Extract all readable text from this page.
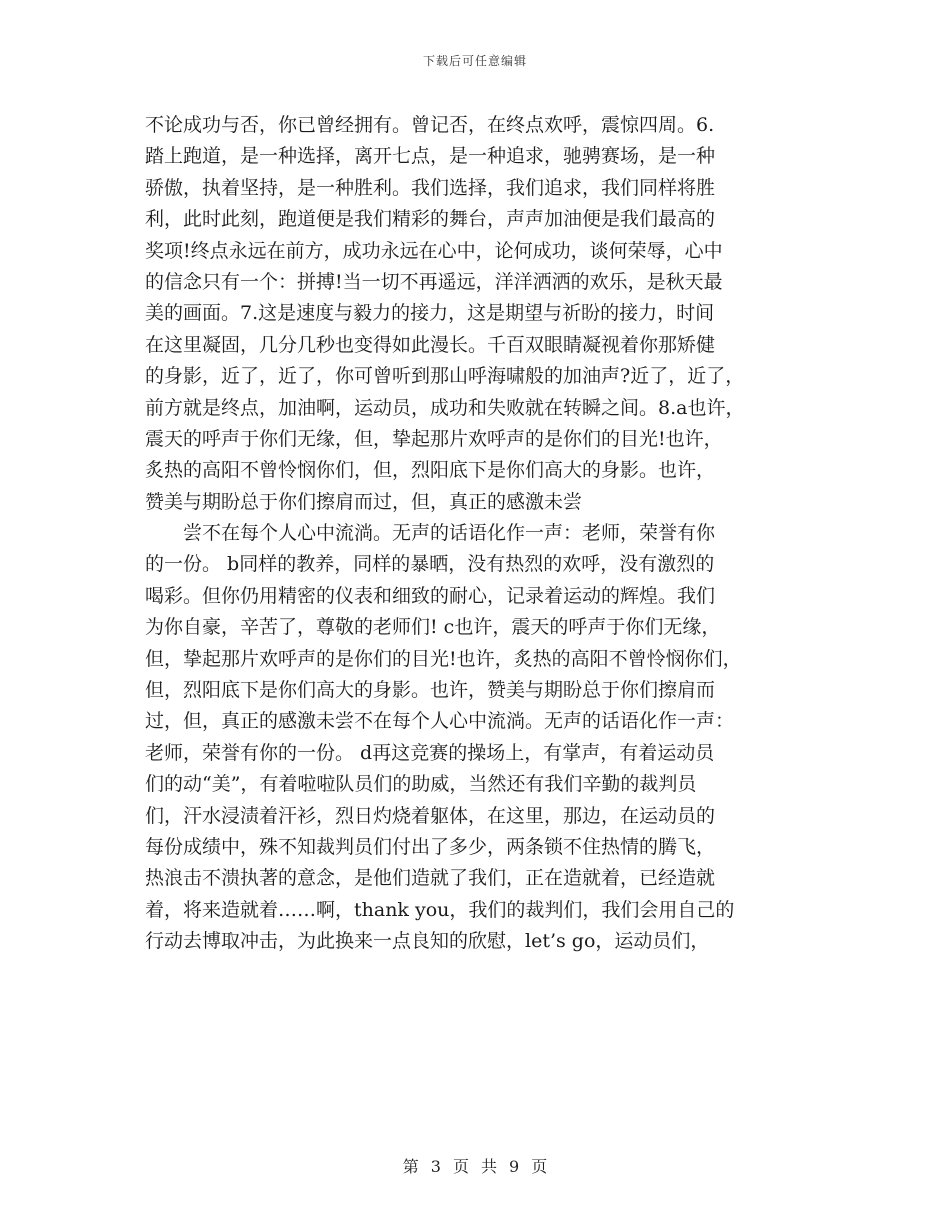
下载后可任意编辑
不论成功与否，你已曾经拥有。曾记否，在终点欢呼，震惊四周。6.
踏上跑道，是一种选择，离开七点，是一种追求，驰骋赛场，是一种
骄傲，执着坚持，是一种胜利。我们选择，我们追求，我们同样将胜
利，此时此刻，跑道便是我们精彩的舞台，声声加油便是我们最高的
奖项!终点永远在前方，成功永远在心中，论何成功，谈何荣辱，心中
的信念只有一个：拼搏!当一切不再遥远，洋洋洒洒的欢乐，是秋天最
美的画面。7.这是速度与毅力的接力，这是期望与祈盼的接力，时间
在这里凝固，几分几秒也变得如此漫长。千百双眼睛凝视着你那矫健
的身影，近了，近了，你可曾听到那山呼海啸般的加油声?近了，近了，
前方就是终点，加油啊，运动员，成功和失败就在转瞬之间。8.a也许，
震天的呼声于你们无缘，但，挚起那片欢呼声的是你们的目光!也许，
炙热的高阳不曾怜悯你们，但，烈阳底下是你们高大的身影。也许，
赞美与期盼总于你们擦肩而过，但，真正的感激未尝
尝不在每个人心中流淌。无声的话语化作一声：老师，荣誉有你
的一份。 b同样的教养，同样的暴晒，没有热烈的欢呼，没有激烈的
喝彩。但你仍用精密的仪表和细致的耐心，记录着运动的辉煌。我们
为你自豪，辛苦了，尊敬的老师们! c也许，震天的呼声于你们无缘，
但，挚起那片欢呼声的是你们的目光!也许，炙热的高阳不曾怜悯你们，
但，烈阳底下是你们高大的身影。也许，赞美与期盼总于你们擦肩而
过，但，真正的感激未尝不在每个人心中流淌。无声的话语化作一声：
老师，荣誉有你的一份。 d再这竞赛的操场上，有掌声，有着运动员
们的动“美”，有着啦啦队员们的助威，当然还有我们辛勤的裁判员
们，汗水浸渍着汗衫，烈日灼烧着躯体，在这里，那边，在运动员的
每份成绩中，殊不知裁判员们付出了多少，两条锁不住热情的腾飞，
热浪击不溃执著的意念，是他们造就了我们，正在造就着，已经造就
着，将来造就着……啊，thank you，我们的裁判们，我们会用自己的
行动去博取冲击，为此换来一点良知的欣慰，let’s go，运动员们，
第 3 页 共 9 页
